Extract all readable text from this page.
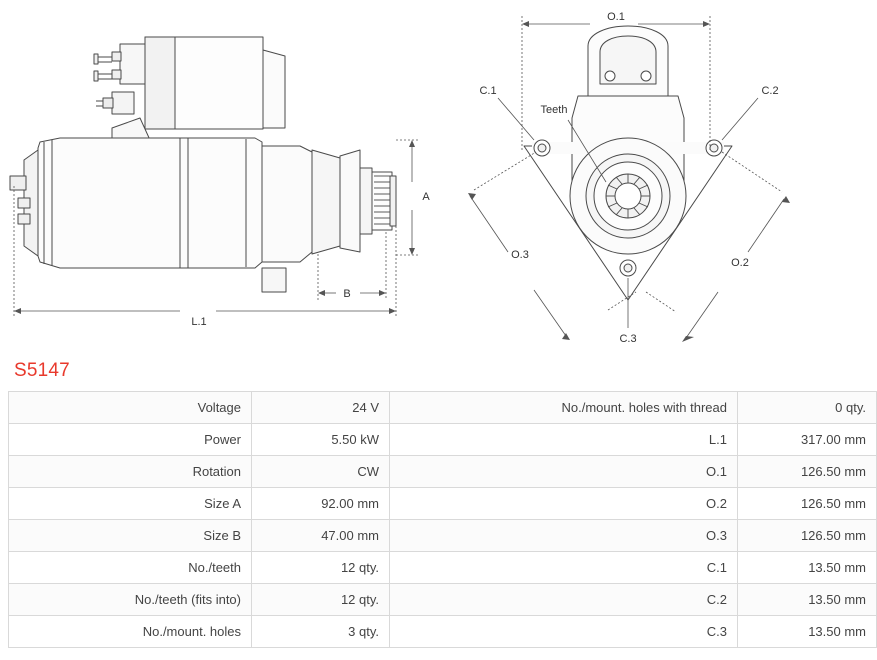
A
B
L.1
O.1
O.3
O.2
C.1	C.2
C.3
Teeth
S5147
Voltage	24 V	No./mount. holes with thread	0 qty.
Power	5.50 kW	L.1	317.00 mm
Rotation	CW	O.1	126.50 mm
Size A	92.00 mm	O.2	126.50 mm
Size B	47.00 mm	O.3	126.50 mm
No./teeth	12 qty.	C.1	13.50 mm
No./teeth (fits into)	12 qty.	C.2	13.50 mm
No./mount. holes	3 qty.	C.3	13.50 mm
